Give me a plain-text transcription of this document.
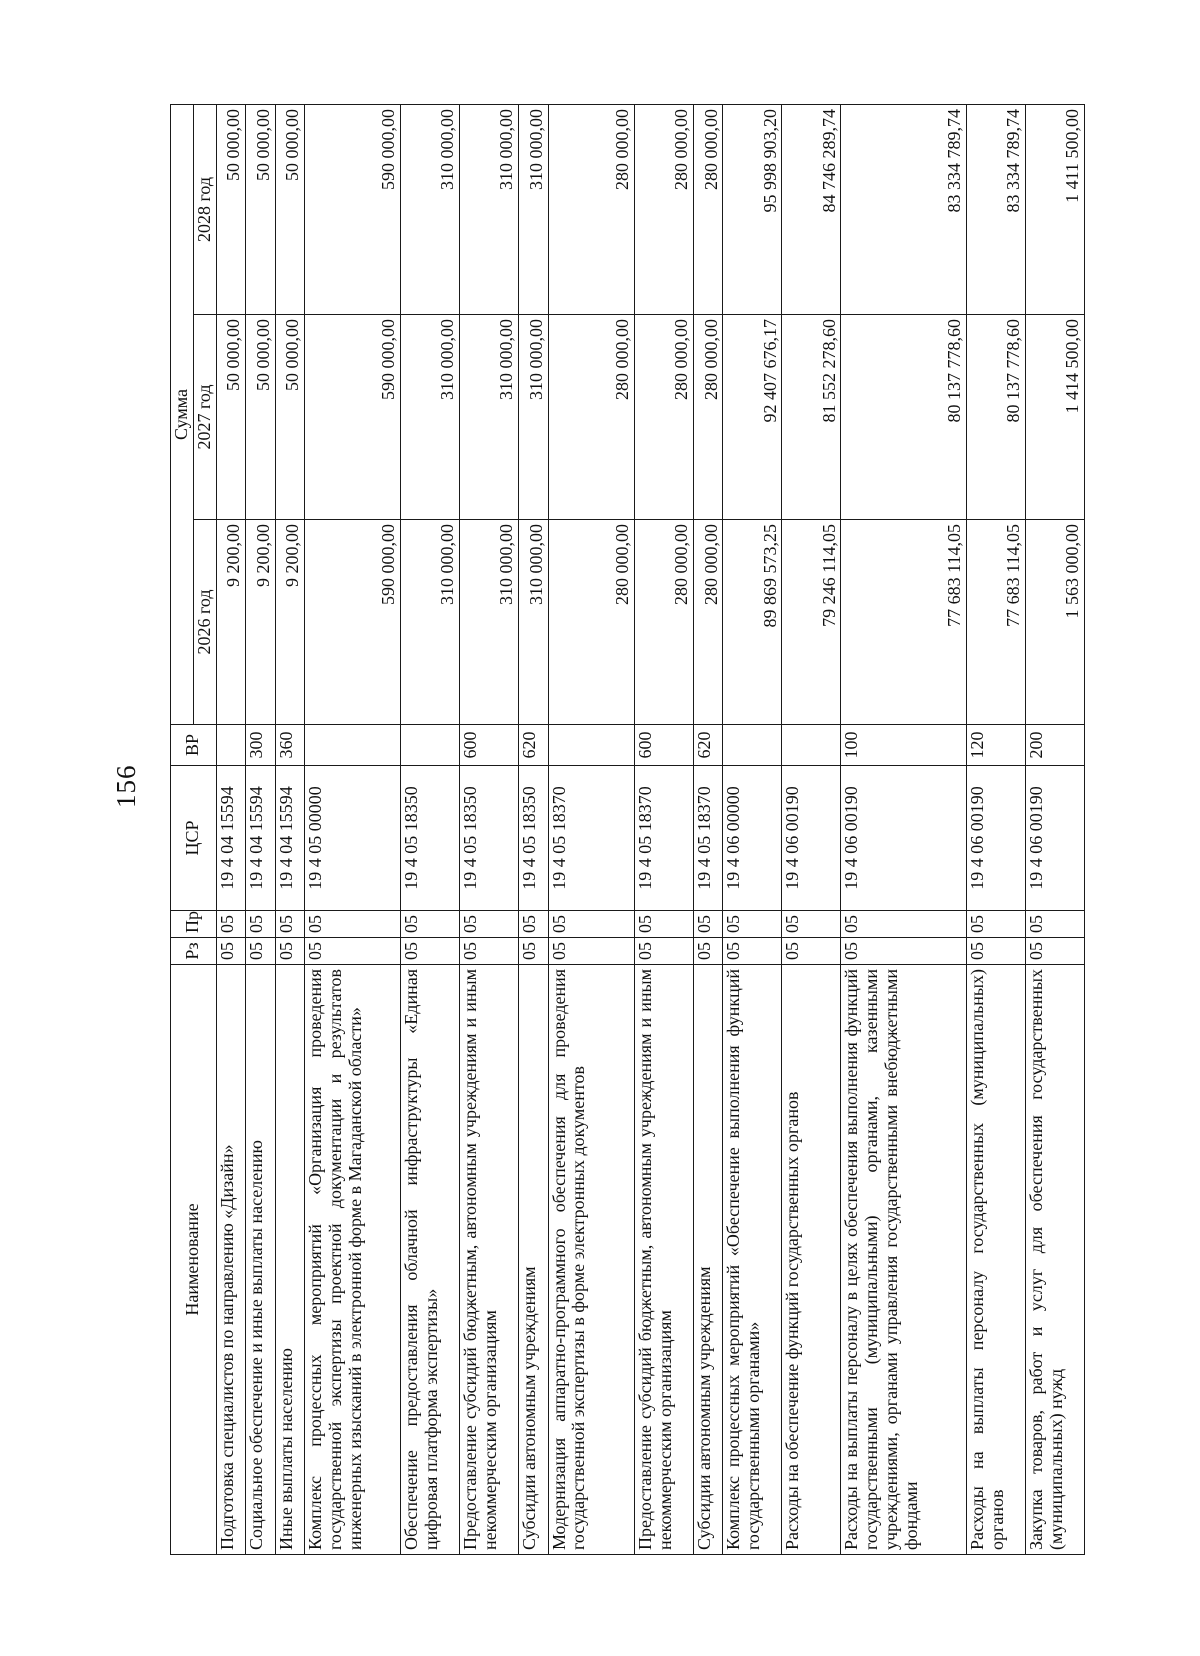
156
Наименование	Рз	Пр	ЦСР	ВР	Сумма		
					2026 год	2027 год	2028 год
Подготовка специалистов по направлению «Дизайн»	05	05	19 4 04 15594		9 200,00	50 000,00	50 000,00
Социальное обеспечение и иные выплаты населению	05	05	19 4 04 15594	300	9 200,00	50 000,00	50 000,00
Иные выплаты населению	05	05	19 4 04 15594	360	9 200,00	50 000,00	50 000,00
Комплекс процессных мероприятий «Организация проведения государственной экспертизы проектной документации и результатов инженерных изысканий в электронной форме в Магаданской области»	05	05	19 4 05 00000		590 000,00	590 000,00	590 000,00
Обеспечение предоставления облачной инфраструктуры «Единая цифровая платформа экспертизы»	05	05	19 4 05 18350		310 000,00	310 000,00	310 000,00
Предоставление субсидий бюджетным, автономным учреждениям и иным некоммерческим организациям	05	05	19 4 05 18350	600	310 000,00	310 000,00	310 000,00
Субсидии автономным учреждениям	05	05	19 4 05 18350	620	310 000,00	310 000,00	310 000,00
Модернизация аппаратно-программного обеспечения для проведения государственной экспертизы в форме электронных документов	05	05	19 4 05 18370		280 000,00	280 000,00	280 000,00
Предоставление субсидий бюджетным, автономным учреждениям и иным некоммерческим организациям	05	05	19 4 05 18370	600	280 000,00	280 000,00	280 000,00
Субсидии автономным учреждениям	05	05	19 4 05 18370	620	280 000,00	280 000,00	280 000,00
Комплекс процессных мероприятий «Обеспечение выполнения функций государственными органами»	05	05	19 4 06 00000		89 869 573,25	92 407 676,17	95 998 903,20
Расходы на обеспечение функций государственных органов	05	05	19 4 06 00190		79 246 114,05	81 552 278,60	84 746 289,74
Расходы на выплаты персоналу в целях обеспечения выполнения функций государственными (муниципальными) органами, казенными учреждениями, органами управления государственными внебюджетными фондами	05	05	19 4 06 00190	100	77 683 114,05	80 137 778,60	83 334 789,74
Расходы на выплаты персоналу государственных (муниципальных) органов	05	05	19 4 06 00190	120	77 683 114,05	80 137 778,60	83 334 789,74
Закупка товаров, работ и услуг для обеспечения государственных (муниципальных) нужд	05	05	19 4 06 00190	200	1 563 000,00	1 414 500,00	1 411 500,00
